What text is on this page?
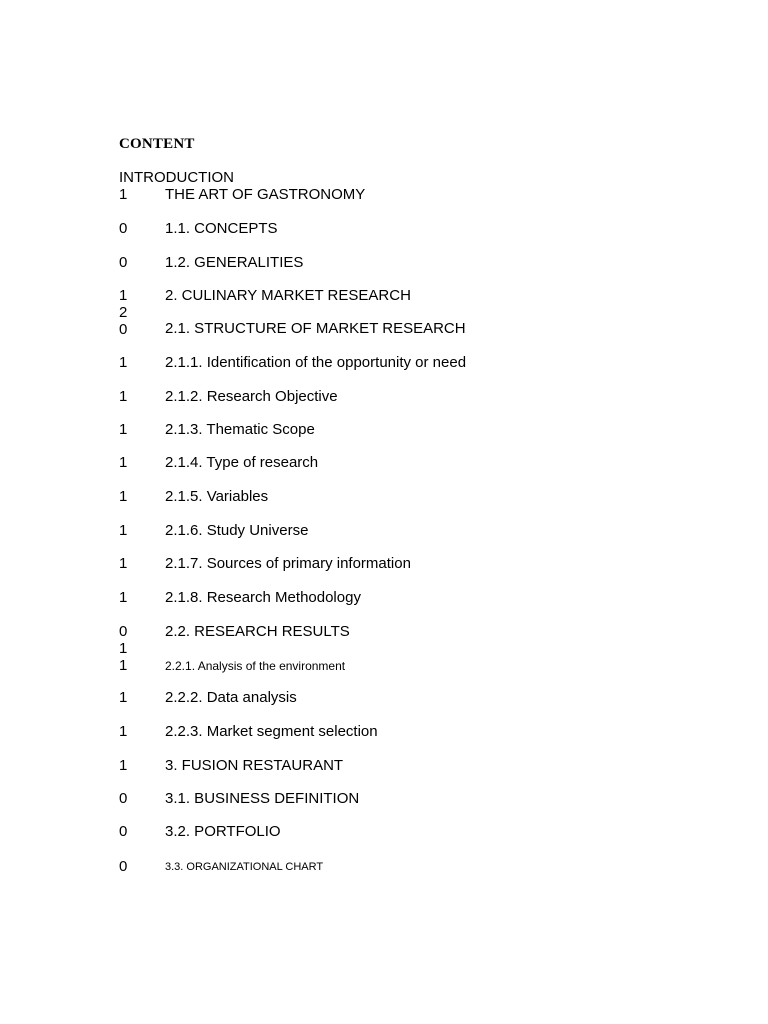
CONTENT

INTRODUCTION

1	THE ART OF GASTRONOMY
0	1.1. CONCEPTS
0	1.2. GENERALITIES
1	2. CULINARY MARKET RESEARCH
2
0	2.1. STRUCTURE OF MARKET RESEARCH
1	2.1.1. Identification of the opportunity or need
1	2.1.2. Research Objective
1	2.1.3. Thematic Scope
1	2.1.4. Type of research
1	2.1.5. Variables
1	2.1.6. Study Universe
1	2.1.7. Sources of primary information
1	2.1.8. Research Methodology
0	2.2. RESEARCH RESULTS
1
1	2.2.1. Analysis of the environment
1	2.2.2. Data analysis
1	2.2.3. Market segment selection
1	3. FUSION RESTAURANT
0	3.1. BUSINESS DEFINITION
0	3.2. PORTFOLIO
0	3.3. ORGANIZATIONAL CHART
